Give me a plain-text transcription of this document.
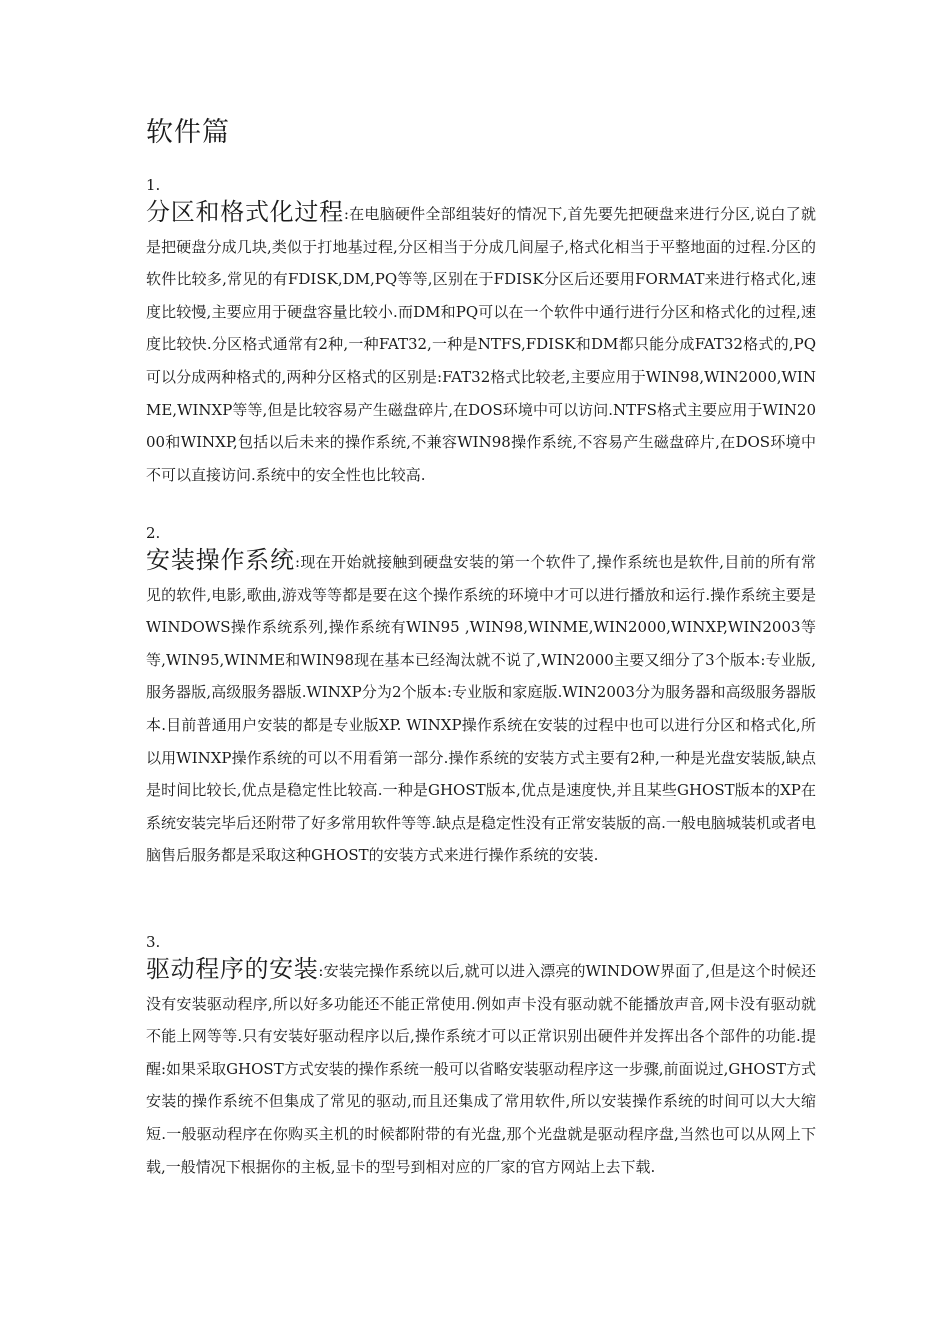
软件篇
1.

分区和格式化过程:在电脑硬件全部组装好的情况下,首先要先把硬盘来进行分区,说白了就是把硬盘分成几块,类似于打地基过程,分区相当于分成几间屋子,格式化相当于平整地面的过程.分区的软件比较多,常见的有FDISK,DM,PQ等等,区别在于FDISK分区后还要用FORMAT来进行格式化,速度比较慢,主要应用于硬盘容量比较小.而DM和PQ可以在一个软件中通行进行分区和格式化的过程,速度比较快.分区格式通常有2种,一种FAT32,一种是NTFS,FDISK和DM都只能分成FAT32格式的,PQ可以分成两种格式的,两种分区格式的区别是:FAT32格式比较老,主要应用于WIN98,WIN2000,WINME,WINXP等等,但是比较容易产生磁盘碎片,在DOS环境中可以访问.NTFS格式主要应用于WIN2000和WINXP,包括以后未来的操作系统,不兼容WIN98操作系统,不容易产生磁盘碎片,在DOS环境中不可以直接访问.系统中的安全性也比较高.

2.

安装操作系统:现在开始就接触到硬盘安装的第一个软件了,操作系统也是软件,目前的所有常见的软件,电影,歌曲,游戏等等都是要在这个操作系统的环境中才可以进行播放和运行.操作系统主要是WINDOWS操作系统系列,操作系统有WIN95 ,WIN98,WINME,WIN2000,WINXP,WIN2003等等,WIN95,WINME和WIN98现在基本已经淘汰就不说了,WIN2000主要又细分了3个版本:专业版,服务器版,高级服务器版.WINXP分为2个版本:专业版和家庭版.WIN2003分为服务器和高级服务器版本.目前普通用户安装的都是专业版XP. WINXP操作系统在安装的过程中也可以进行分区和格式化,所以用WINXP操作系统的可以不用看第一部分.操作系统的安装方式主要有2种,一种是光盘安装版,缺点是时间比较长,优点是稳定性比较高.一种是GHOST版本,优点是速度快,并且某些GHOST版本的XP在系统安装完毕后还附带了好多常用软件等等.缺点是稳定性没有正常安装版的高.一般电脑城装机或者电脑售后服务都是采取这种GHOST的安装方式来进行操作系统的安装.

3.

驱动程序的安装:安装完操作系统以后,就可以进入漂亮的WINDOW界面了,但是这个时候还没有安装驱动程序,所以好多功能还不能正常使用.例如声卡没有驱动就不能播放声音,网卡没有驱动就不能上网等等.只有安装好驱动程序以后,操作系统才可以正常识别出硬件并发挥出各个部件的功能.提醒:如果采取GHOST方式安装的操作系统一般可以省略安装驱动程序这一步骤,前面说过,GHOST方式安装的操作系统不但集成了常见的驱动,而且还集成了常用软件,所以安装操作系统的时间可以大大缩短.一般驱动程序在你购买主机的时候都附带的有光盘,那个光盘就是驱动程序盘,当然也可以从网上下载,一般情况下根据你的主板,显卡的型号到相对应的厂家的官方网站上去下载.
